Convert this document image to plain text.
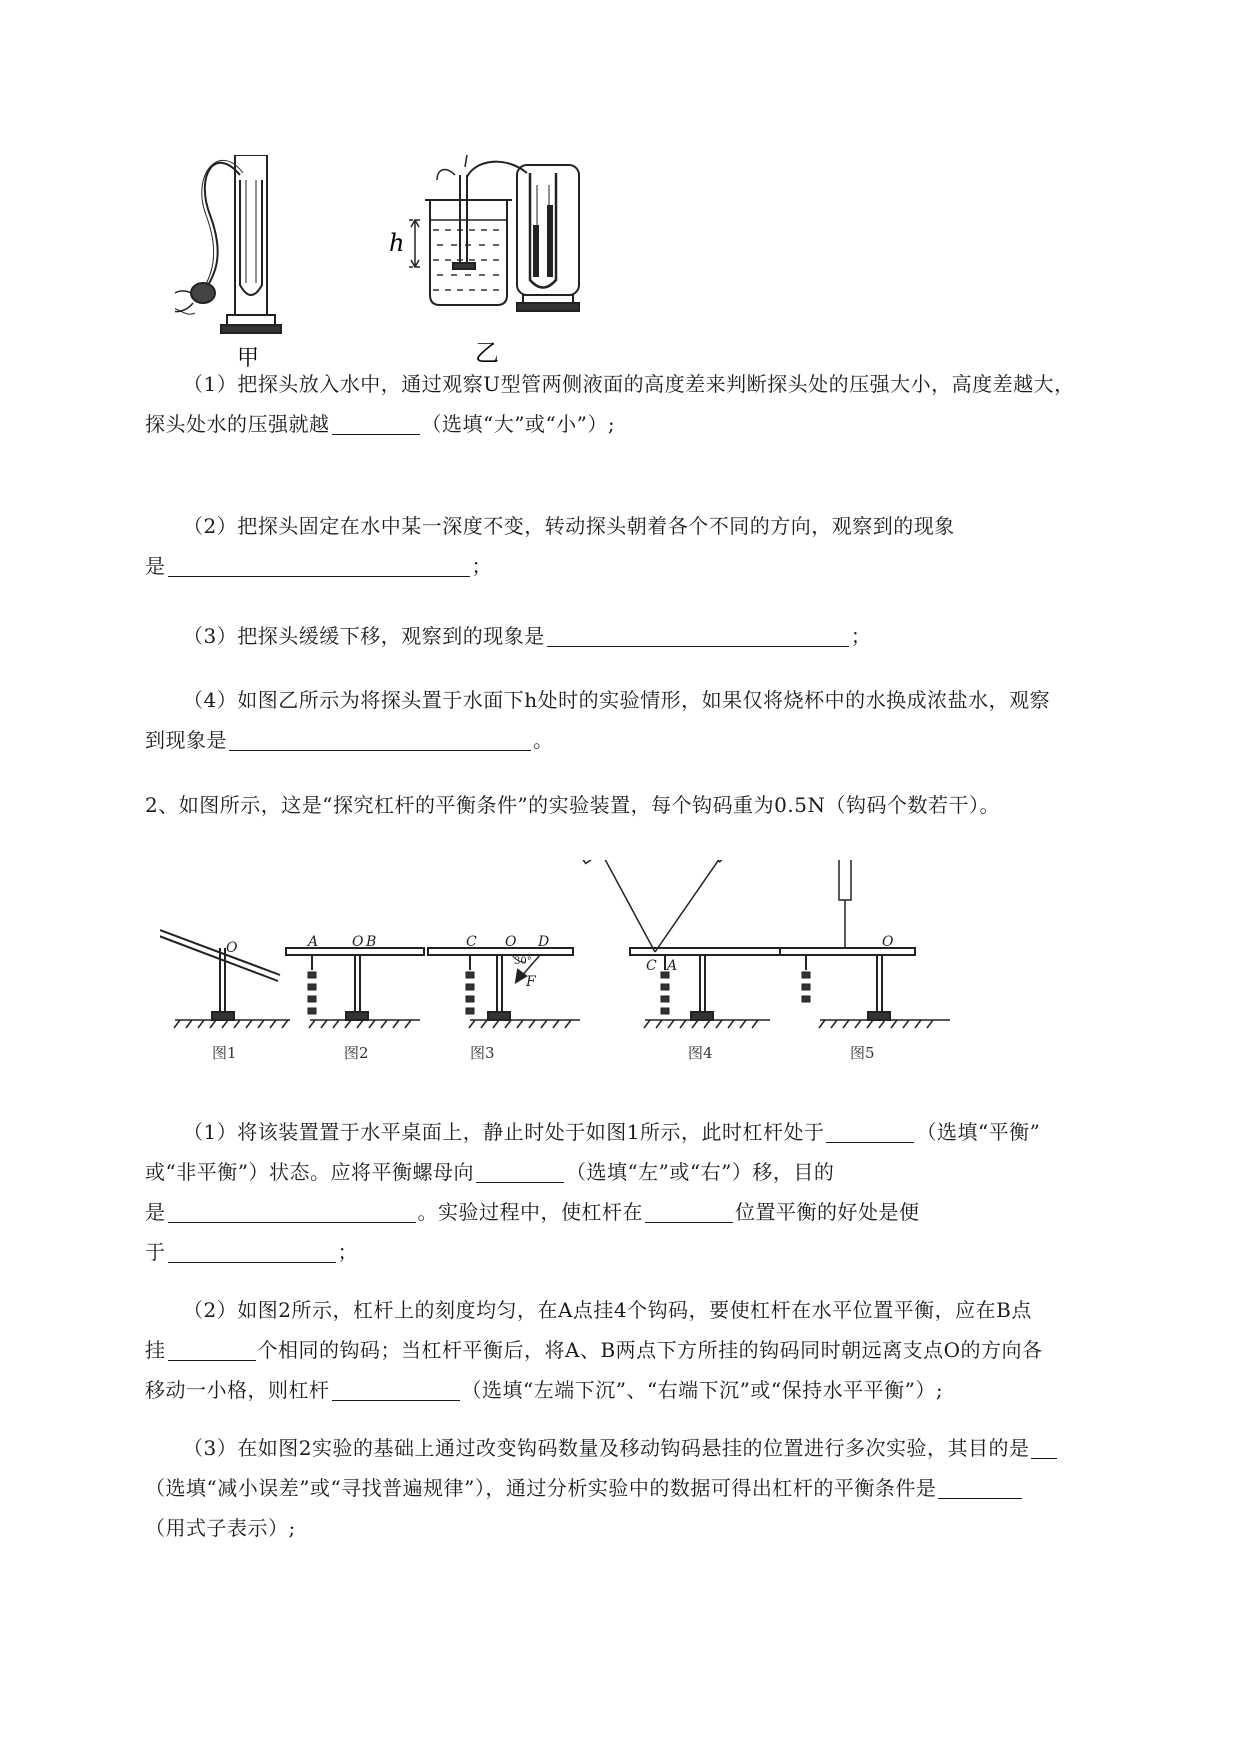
甲	乙
h
（1）把探头放入水中，通过观察U型管两侧液面的高度差来判断探头处的压强大小，高度差越大，
探头处水的压强就越	（选填“大”或“小”）;
（2）把探头固定在水中某一深度不变，转动探头朝着各个不同的方向，观察到的现象
是	；
（3）把探头缓缓下移，观察到的现象是	；
（4）如图乙所示为将探头置于水面下h处时的实验情形，如果仅将烧杯中的水换成浓盐水，观察
到现象是	。
2、如图所示，这是“探究杠杆的平衡条件”的实验装置，每个钩码重为0.5N（钩码个数若干）。
O	A O B	C O D
F
C A
O
30°
图1	图2	图3	图4	图5
（1）将该装置置于水平桌面上，静止时处于如图1所示，此时杠杆处于	（选填“平衡”
或“非平衡”）状态。应将平衡螺母向	（选填“左”或“右”）移，目的
是	。实验过程中，使杠杆在	位置平衡的好处是便
于	；
（2）如图2所示，杠杆上的刻度均匀，在A点挂4个钩码，要使杠杆在水平位置平衡，应在B点
挂	个相同的钩码；当杠杆平衡后，将A、B两点下方所挂的钩码同时朝远离支点O的方向各
移动一小格，则杠杆	（选填“左端下沉”、“右端下沉”或“保持水平平衡”）;
（3）在如图2实验的基础上通过改变钩码数量及移动钩码悬挂的位置进行多次实验，其目的是
（选填“减小误差”或“寻找普遍规律”），通过分析实验中的数据可得出杠杆的平衡条件是
（用式子表示）;
